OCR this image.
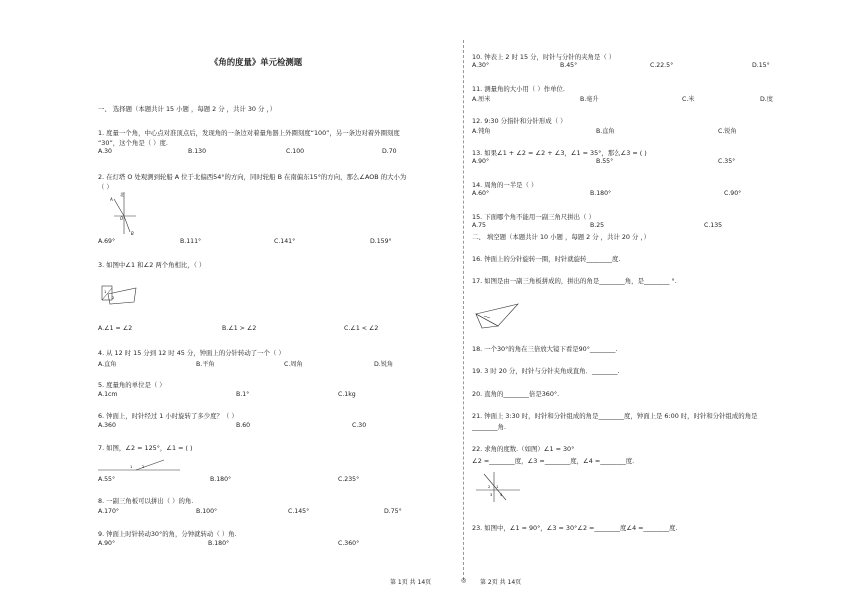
《角的度量》单元检测题
一、 选择题（本题共计 15 小题 ，每题 2 分 ，共计 30 分 ，）
1. 度量一个角，中心点对准顶点后，发现角的一条边对着量角器上外圈刻度“100”，另一条边对着外圈刻度
“30”，这个角是（ ）度.
A.30	B.130	C.100	D.70
2. 在灯塔 O 处观测到轮船 A 位于北偏西54°的方向，同时轮船 B 在南偏东15°的方向，那么∠AOB 的大小为
（ ）
北
A
O
B
A.69°	B.111°	C.141°	D.159°
3. 如图中∠1 和∠2 两个角相比，（ ）
1
2
A.∠1 = ∠2	B.∠1 > ∠2	C.∠1 < ∠2
4. 从 12 时 15 分到 12 时 45 分，钟面上的分针转动了一个（ ）
A.直角	B.平角	C.周角	D.锐角
5. 度量角的单位是（ ）
A.1cm	B.1°	C.1kg
6. 钟面上，时针经过 1 小时旋转了多少度？（ ）
A.360	B.60	C.30
7. 如图，∠2 = 125°，∠1 = ( )
1	2
A.55°	B.180°	C.235°
8. 一副三角板可以拼出（ ）的角.
A.170°	B.100°	C.145°	D.75°
9. 钟面上时针转动30°的角，分钟就转动（ ）角.
A.90°	B.180°	C.360°
10. 钟表上 2 时 15 分，时针与分针的夹角是（ ）
A.30°	B.45°	C.22.5°	D.15°
11. 测量角的大小用（ ）作单位.
A.厘米	B.毫升	C.米	D.度
12. 9:30 分指针和分针形成（ ）
A.钝角	B.直角	C.锐角
13. 如果∠1 + ∠2 = ∠2 + ∠3，∠1 = 35°，那么∠3 = ( )
A.90°	B.55°	C.35°
14. 周角的一半是（ ）
A.60°	B.180°	C.90°
15. 下面哪个角不能用一副三角尺拼出（ ）
A.75	B.25	C.135
二、 填空题（本题共计 10 小题 ，每题 2 分 ，共计 20 分 ，）
16. 钟面上的分针旋转一圈，时针就旋转________度.
17. 如图是由一副三角板拼成的，拼出的角是________角，是________ °.
18. 一个30°的角在三倍放大镜下看是90°________.
19. 3 时 20 分，时针与分针夹角成直角．________.
20. 直角的________倍是360°.
21. 钟面上 3:30 时，时针和分针组成的角是________度，钟面上是 6:00 时，时针和分针组成的角是
________角.
22. 求角的度数.（如图）∠1 = 30°
∠2 =________度，∠3 =________度，∠4 =________度.
1
2
3 4
23. 如图中，∠1 = 90°，∠3 = 30°∠2 =________度∠4 =________度.
第 1页 共 14页	◎ 第 2页 共 14页
